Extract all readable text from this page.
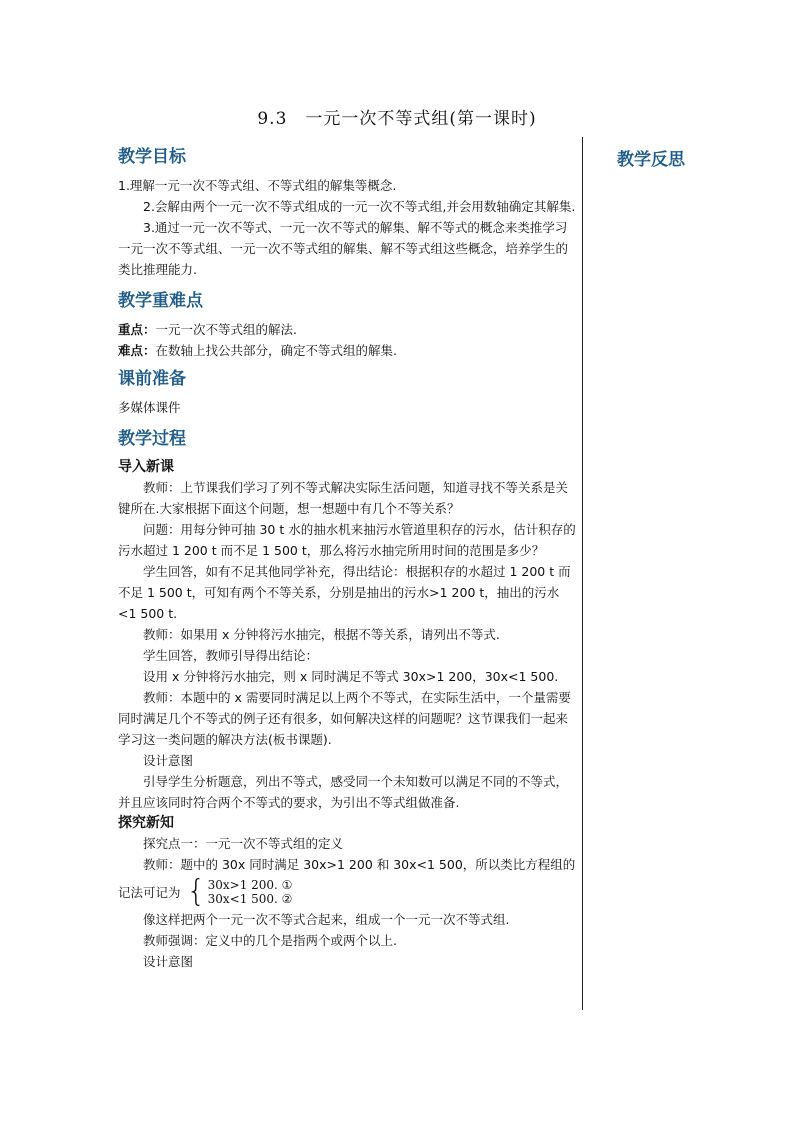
9.3　一元一次不等式组(第一课时)
教学反思
教学目标

1.理解一元一次不等式组、不等式组的解集等概念.

2.会解由两个一元一次不等式组成的一元一次不等式组,并会用数轴确定其解集.

3.通过一元一次不等式、一元一次不等式的解集、解不等式的概念来类推学习一元一次不等式组、一元一次不等式组的解集、解不等式组这些概念，培养学生的类比推理能力.

教学重难点

重点：一元一次不等式组的解法.

难点：在数轴上找公共部分，确定不等式组的解集.

课前准备

多媒体课件

教学过程
导入新课

教师：上节课我们学习了列不等式解决实际生活问题，知道寻找不等关系是关键所在.大家根据下面这个问题，想一想题中有几个不等关系？

问题：用每分钟可抽 30 t 水的抽水机来抽污水管道里积存的污水，估计积存的污水超过 1 200 t 而不足 1 500 t，那么将污水抽完所用时间的范围是多少？

学生回答，如有不足其他同学补充，得出结论：根据积存的水超过 1 200 t 而不足 1 500 t，可知有两个不等关系，分别是抽出的污水>1 200 t，抽出的污水<1 500 t.

教师：如果用 x 分钟将污水抽完，根据不等关系，请列出不等式.

学生回答，教师引导得出结论：

设用 x 分钟将污水抽完，则 x 同时满足不等式 30x>1 200，30x<1 500.

教师：本题中的 x 需要同时满足以上两个不等式，在实际生活中，一个量需要同时满足几个不等式的例子还有很多，如何解决这样的问题呢？这节课我们一起来学习这一类问题的解决方法(板书课题).

设计意图

引导学生分析题意，列出不等式，感受同一个未知数可以满足不同的不等式，并且应该同时符合两个不等式的要求，为引出不等式组做准备.

探究新知

探究点一：一元一次不等式组的定义

教师：题中的 30x 同时满足 30x>1 200 和 30x<1 500，所以类比方程组的

记法可记为 { 30x>1 200. ①
30x<1 500. ②

像这样把两个一元一次不等式合起来，组成一个一元一次不等式组.

教师强调：定义中的几个是指两个或两个以上.

设计意图
